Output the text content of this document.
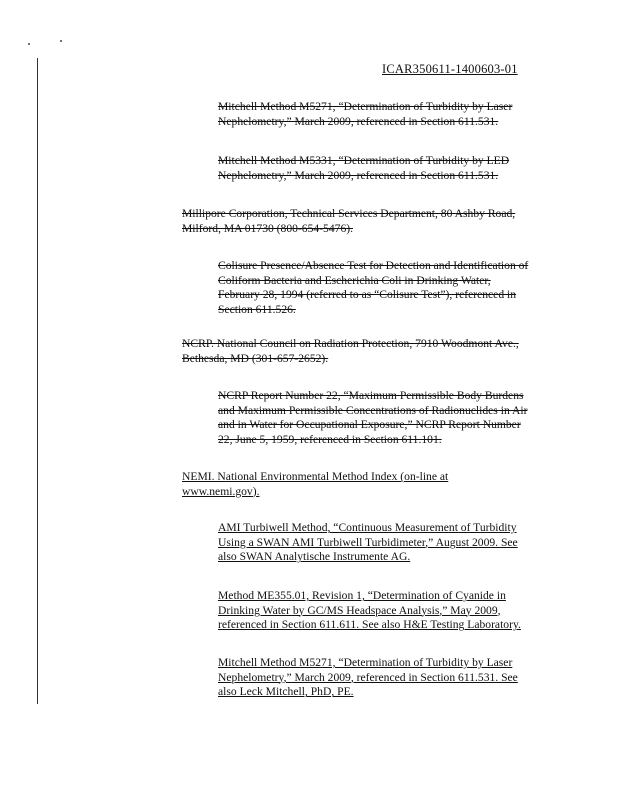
ICAR350611-1400603-01

Mitchell Method M5271, “Determination of Turbidity by Laser

Nephelometry,” March 2009, referenced in Section 611.531.

Mitchell Method M5331, “Determination of Turbidity by LED

Nephelometry,” March 2009, referenced in Section 611.531.

Millipore Corporation, Technical Services Department, 80 Ashby Road,

Milford, MA 01730 (800-654-5476).

Colisure Presence/Absence Test for Detection and Identification of

Coliform Bacteria and Escherichia Coli in Drinking Water,

February 28, 1994 (referred to as “Colisure Test”), referenced in

Section 611.526.

NCRP. National Council on Radiation Protection, 7910 Woodmont Ave.,

Bethesda, MD (301-657-2652).

NCRP Report Number 22, “Maximum Permissible Body Burdens

and Maximum Permissible Concentrations of Radionuclides in Air

and in Water for Occupational Exposure,” NCRP Report Number

22, June 5, 1959, referenced in Section 611.101.

NEMI. National Environmental Method Index (on-line at

www.nemi.gov).

AMI Turbiwell Method, “Continuous Measurement of Turbidity

Using a SWAN AMI Turbiwell Turbidimeter,” August 2009. See

also SWAN Analytische Instrumente AG.

Method ME355.01, Revision 1, “Determination of Cyanide in

Drinking Water by GC/MS Headspace Analysis,” May 2009,

referenced in Section 611.611. See also H&E Testing Laboratory.

Mitchell Method M5271, “Determination of Turbidity by Laser

Nephelometry,” March 2009, referenced in Section 611.531. See

also Leck Mitchell, PhD, PE.
